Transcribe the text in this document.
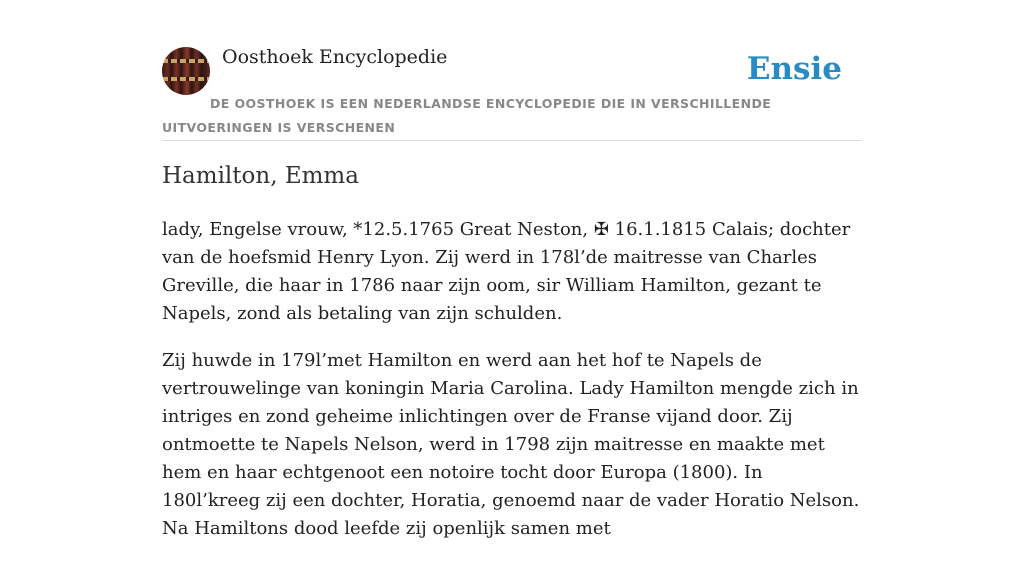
Oosthoek Encyclopedie	Ensie
DE OOSTHOEK IS EEN NEDERLANDSE ENCYCLOPEDIE DIE IN VERSCHILLENDE UITVOERINGEN IS VERSCHENEN
Hamilton, Emma

lady, Engelse vrouw, *12.5.1765 Great Neston, ✠ 16.1.1815 Calais; dochter van de hoefsmid Henry Lyon. Zij werd in 178l’de maitresse van Charles Greville, die haar in 1786 naar zijn oom, sir William Hamilton, gezant te Napels, zond als betaling van zijn schulden.

Zij huwde in 179l’met Hamilton en werd aan het hof te Napels de vertrouwelinge van koningin Maria Carolina. Lady Hamilton mengde zich in intriges en zond geheime inlichtingen over de Franse vijand door. Zij ontmoette te Napels Nelson, werd in 1798 zijn maitresse en maakte met hem en haar echtgenoot een notoire tocht door Europa (1800). In 180l’kreeg zij een dochter, Horatia, genoemd naar de vader Horatio Nelson. Na Hamiltons dood leefde zij openlijk samen met
